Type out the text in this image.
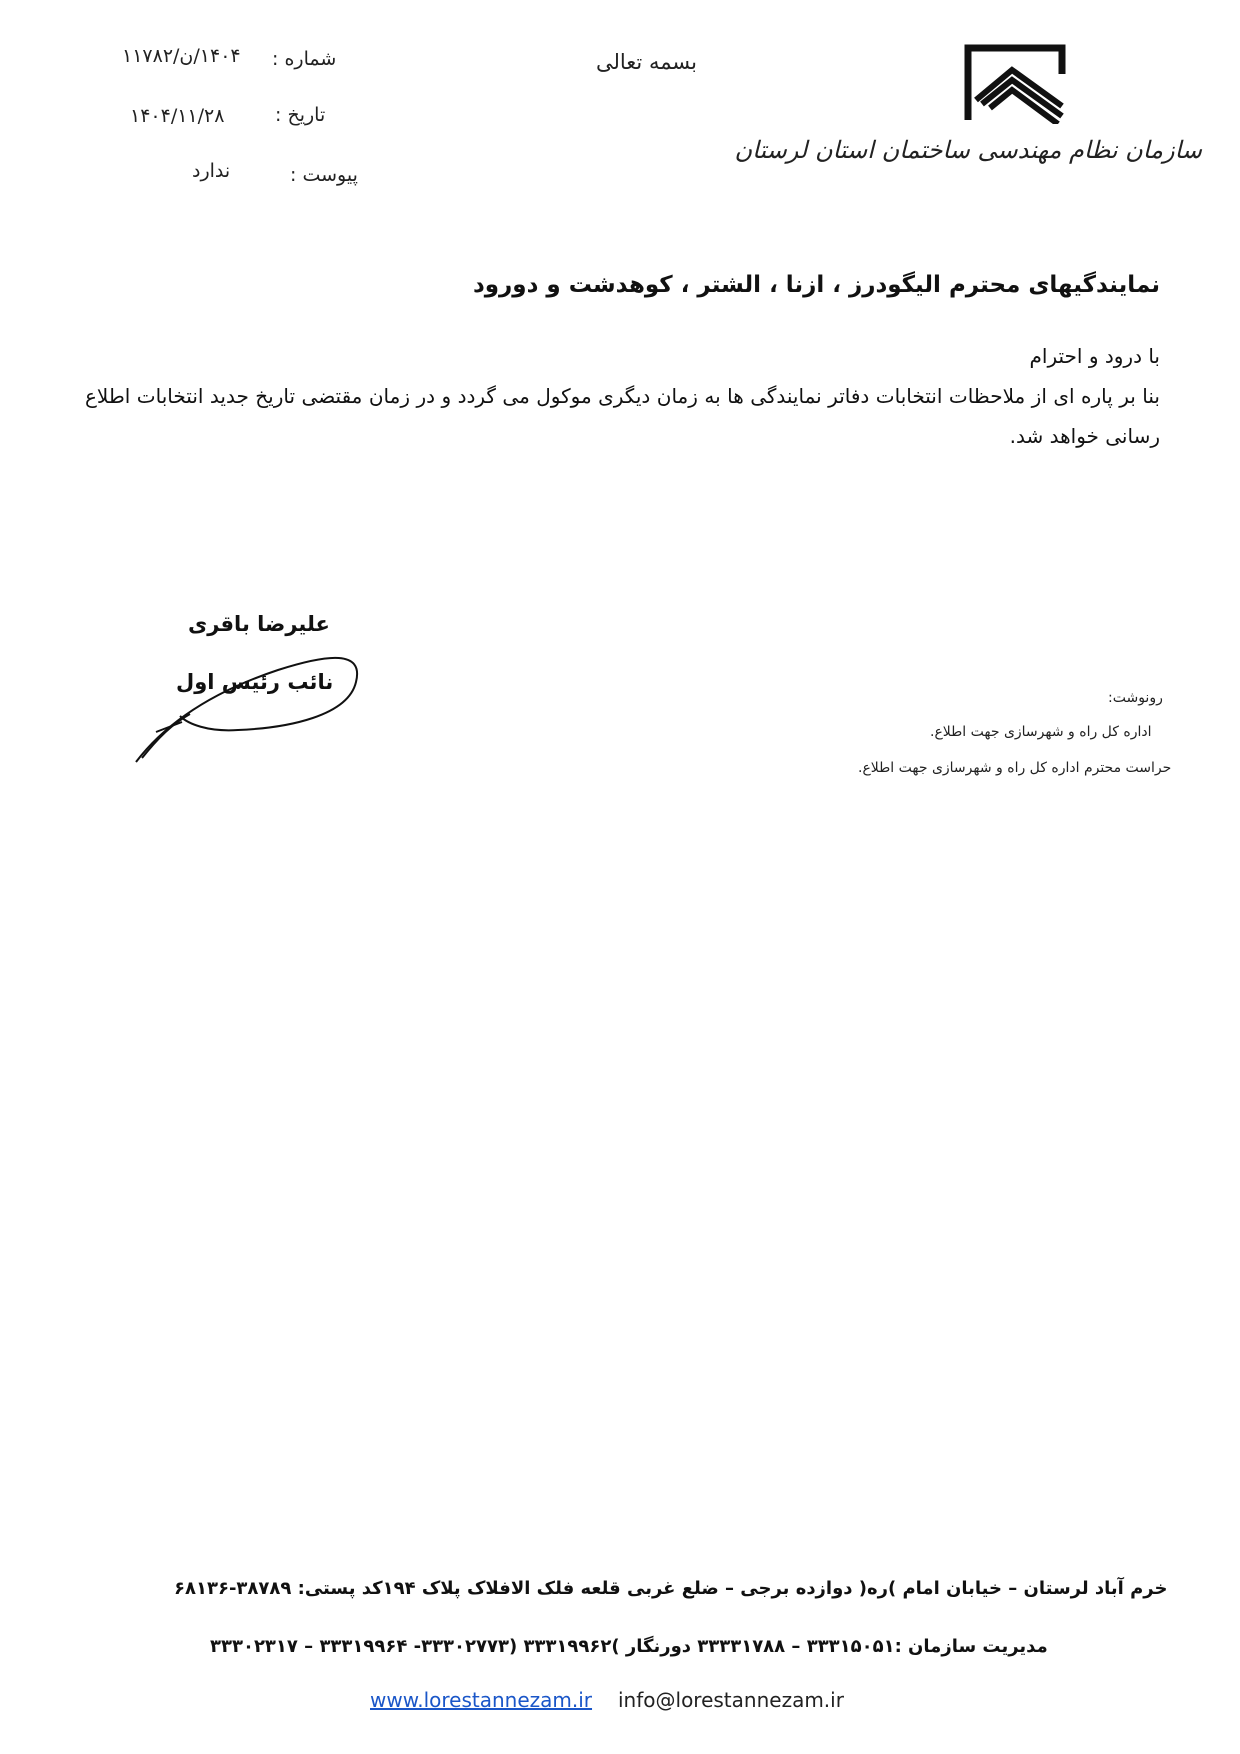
شماره :
۱۴۰۴/ن/۱۱۷۸۲
تاریخ :
۱۴۰۴/۱۱/۲۸
پیوست :
ندارد
بسمه تعالی
سازمان نظام مهندسی ساختمان استان لرستان
نمایندگیهای محترم الیگودرز ، ازنا ، الشتر ، کوهدشت و دورود

با درود و احترام

بنا بر پاره ای از ملاحظات انتخابات دفاتر نمایندگی ها به زمان دیگری موکول می گردد و در زمان مقتضی تاریخ جدید انتخابات اطلاع رسانی خواهد شد.

علیرضا باقری
نائب رئیس اول
رونوشت:
اداره کل راه و شهرسازی جهت اطلاع.
حراست محترم اداره کل راه و شهرسازی جهت اطلاع.
خرم آباد لرستان – خیابان امام )ره( دوازده برجی – ضلع غربی قلعه فلک الافلاک پلاک ۱۹۴کد پستی: ۳۸۷۸۹-۶۸۱۳۶
مدیریت سازمان :۳۳۳۱۵۰۵۱ – ۳۳۳۳۱۷۸۸ دورنگار )۳۳۳۱۹۹۶۲ (۳۳۳۰۲۷۷۳- ۳۳۳۱۹۹۶۴ – ۳۳۳۰۲۳۱۷
www.lorestannezam.ir info@lorestannezam.ir
